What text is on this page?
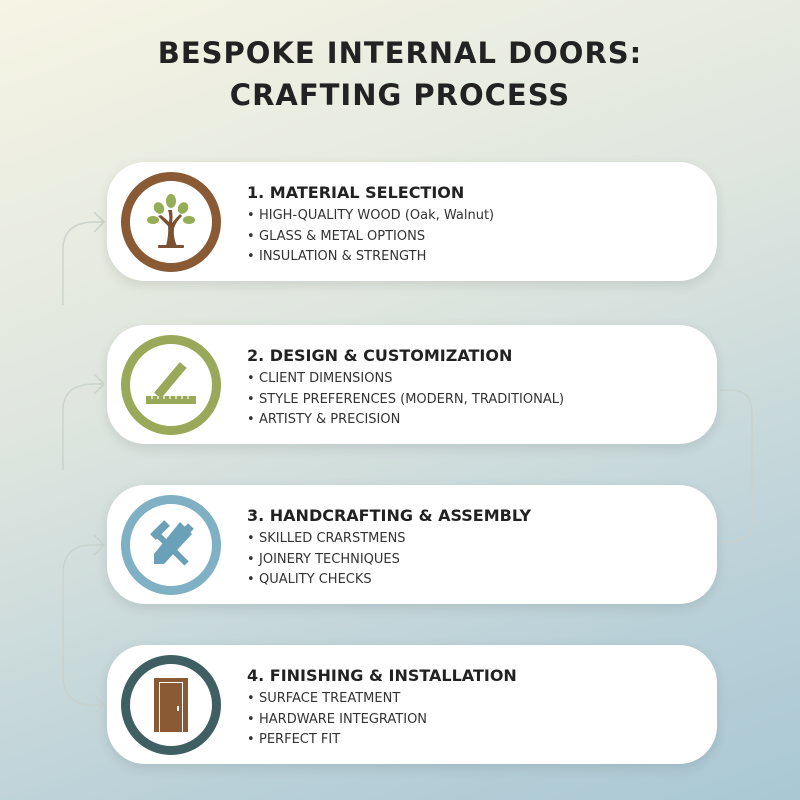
BESPOKE INTERNAL DOORS:
CRAFTING PROCESS
1. MATERIAL SELECTION
• HIGH-QUALITY WOOD (Oak, Walnut)
• GLASS & METAL OPTIONS
• INSULATION & STRENGTH
2. DESIGN & CUSTOMIZATION
• CLIENT DIMENSIONS
• STYLE PREFERENCES (MODERN, TRADITIONAL)
• ARTISTY & PRECISION
3. HANDCRAFTING & ASSEMBLY
• SKILLED CRARSTMENS
• JOINERY TECHNIQUES
• QUALITY CHECKS
4. FINISHING & INSTALLATION
• SURFACE TREATMENT
• HARDWARE INTEGRATION
• PERFECT FIT
